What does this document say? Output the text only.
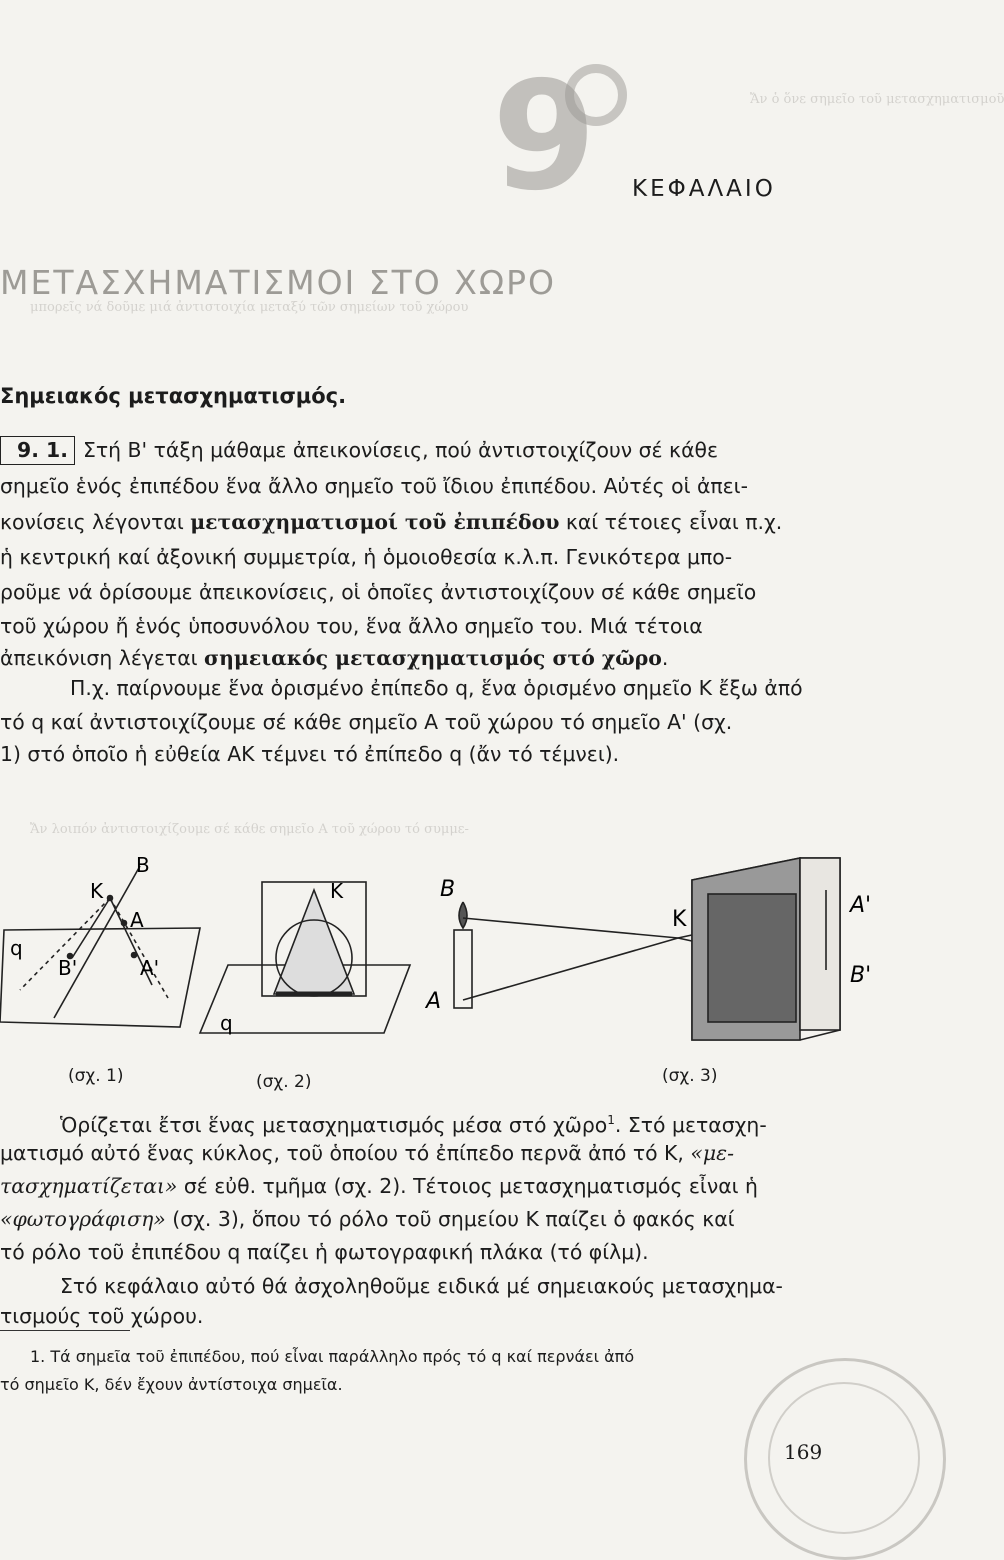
Ἄν ὁ ὅνε σημεῖο τοῦ μετασχηματισμοῦ
μπορεῖς νά δοῦμε μιά ἀντιστοιχία μεταξύ τῶν σημείων τοῦ χώρου
Ἄν λοιπόν ἀντιστοιχίζουμε σέ κάθε σημεῖο Α τοῦ χώρου τό συμμε-
9 ΚΕΦΑΛΑΙΟ
ΜΕΤΑΣΧΗΜΑΤΙΣΜΟΙ ΣΤΟ ΧΩΡΟ
Σημειακός μετασχηματισμός.
9. 1. Στή Β' τάξη μάθαμε ἀπεικονίσεις, πού ἀντιστοιχίζουν σέ κάθε
σημεῖο ἑνός ἐπιπέδου ἕνα ἄλλο σημεῖο τοῦ ἴδιου ἐπιπέδου. Αὐτές οἱ ἀπει-
κονίσεις λέγονται μετασχηματισμοί τοῦ ἐπιπέδου καί τέτοιες εἶναι π.χ.
ἡ κεντρική καί ἀξονική συμμετρία, ἡ ὁμοιοθεσία κ.λ.π. Γενικότερα μπο-
ροῦμε νά ὁρίσουμε ἀπεικονίσεις, οἱ ὁποῖες ἀντιστοιχίζουν σέ κάθε σημεῖο
τοῦ χώρου ἤ ἑνός ὑποσυνόλου του, ἕνα ἄλλο σημεῖο του. Μιά τέτοια
ἀπεικόνιση λέγεται σημειακός μετασχηματισμός στό χῶρο.
Π.χ. παίρνουμε ἕνα ὁρισμένο ἐπίπεδο q, ἕνα ὁρισμένο σημεῖο Κ ἔξω ἀπό
τό q καί ἀντιστοιχίζουμε σέ κάθε σημεῖο Α τοῦ χώρου τό σημεῖο Α' (σχ.
1) στό ὁποῖο ἡ εὐθεία ΑΚ τέμνει τό ἐπίπεδο q (ἄν τό τέμνει).
B
K
A
q
B'	A'
K
q
B
K
A
A'
B'
(σχ. 1)	(σχ. 2)	(σχ. 3)
Ὁρίζεται ἔτσι ἕνας μετασχηματισμός μέσα στό χῶρο$^1$. Στό μετασχη-
ματισμό αὐτό ἕνας κύκλος, τοῦ ὁποίου τό ἐπίπεδο περνᾶ ἀπό τό Κ, «με-
τασχηματίζεται» σέ εὐθ. τμῆμα (σχ. 2). Τέτοιος μετασχηματισμός εἶναι ἡ
«φωτογράφιση» (σχ. 3), ὅπου τό ρόλο τοῦ σημείου Κ παίζει ὁ φακός καί
τό ρόλο τοῦ ἐπιπέδου q παίζει ἡ φωτογραφική πλάκα (τό φίλμ).
Στό κεφάλαιο αὐτό θά ἀσχοληθοῦμε ειδικά μέ σημειακούς μετασχημα-
τισμούς τοῦ χώρου.
1. Τά σημεῖα τοῦ ἐπιπέδου, πού εἶναι παράλληλο πρός τό q καί περνάει ἀπό
τό σημεῖο Κ, δέν ἔχουν ἀντίστοιχα σημεῖα.
169
